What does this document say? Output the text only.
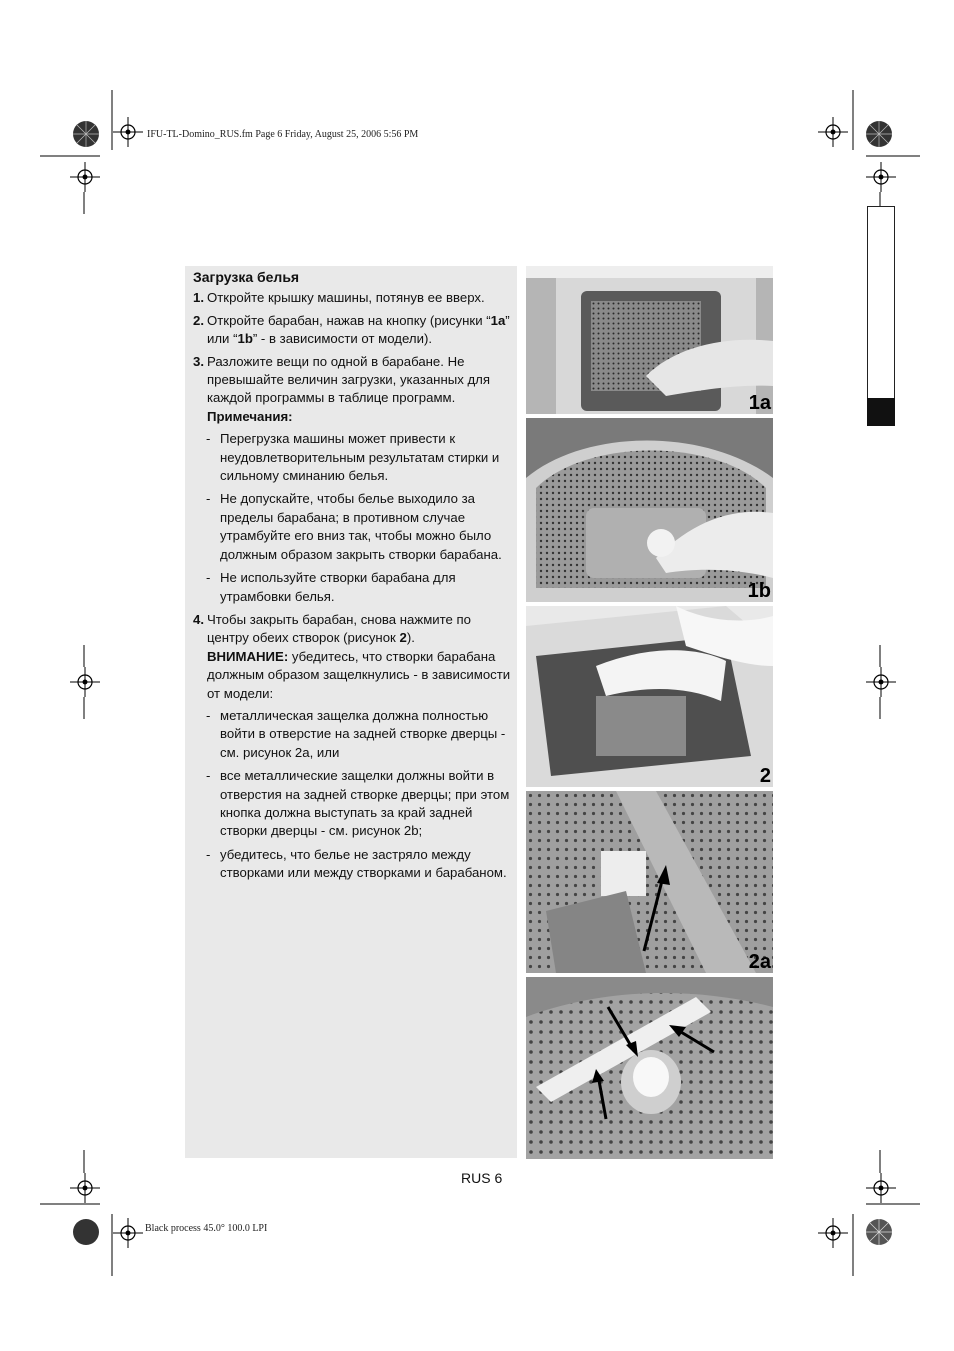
IFU-TL-Domino_RUS.fm Page 6 Friday, August 25, 2006 5:56 PM
Black process 45.0° 100.0 LPI
Загрузка белья
1. Откройте крышку машины, потянув ее вверх.
2. Откройте барабан, нажав на кнопку (рисунки “1a” или “1b” - в зависимости от модели).
3. Разложите вещи по одной в барабане. Не превышайте величин загрузки, указанных для каждой программы в таблице программ.
Примечания:
- Перегрузка машины может привести к неудовлетворительным результатам стирки и сильному сминанию белья.
- Не допускайте, чтобы белье выходило за пределы барабана; в противном случае утрамбуйте его вниз так, чтобы можно было должным образом закрыть створки барабана.
- Не используйте створки барабана для утрамбовки белья.
4. Чтобы закрыть барабан, снова нажмите по центру обеих створок (рисунок 2).
ВНИМАНИЕ: убедитесь, что створки барабана должным образом защелкнулись - в зависимости от модели:
- металлическая защелка должна полностью войти в отверстие на задней створке дверцы - см. рисунок 2a, или
- все металлические защелки должны войти в отверстия на задней створке дверцы; при этом кнопка должна выступать за край задней створки дверцы - см. рисунок 2b;
- убедитесь, что белье не застряло между створками или между створками и барабаном.
1a
1b
2
2a
RUS 6
